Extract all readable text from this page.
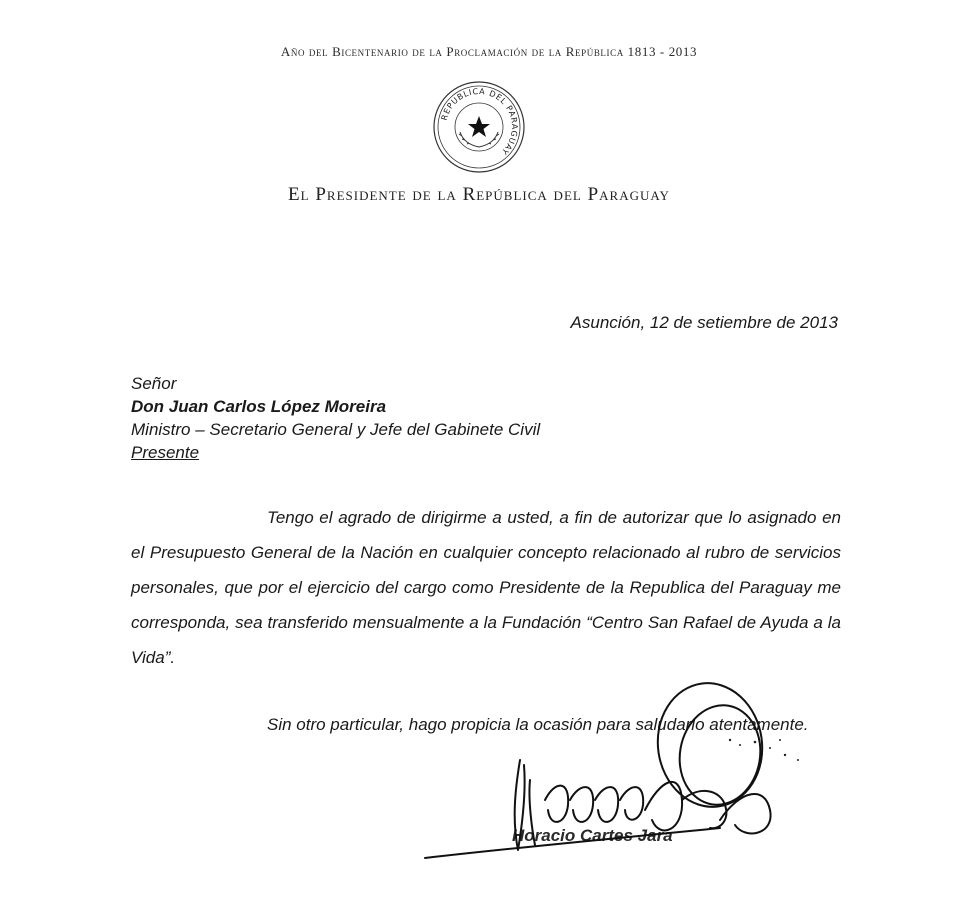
Año del Bicentenario de la Proclamación de la República 1813 - 2013
REPUBLICA DEL PARAGUAY
El Presidente de la República del Paraguay
Asunción, 12 de setiembre de 2013
Señor
Don Juan Carlos López Moreira
Ministro – Secretario General y Jefe del Gabinete Civil
Presente
Tengo el agrado de dirigirme a usted, a fin de autorizar que lo asignado en el Presupuesto General de la Nación en cualquier concepto relacionado al rubro de servicios personales, que por el ejercicio del cargo como Presidente de la Republica del Paraguay me corresponda, sea transferido mensualmente a la Fundación “Centro San Rafael de Ayuda a la Vida”.
Sin otro particular, hago propicia la ocasión para saludarlo atentamente.
Horacio Cartes Jara
